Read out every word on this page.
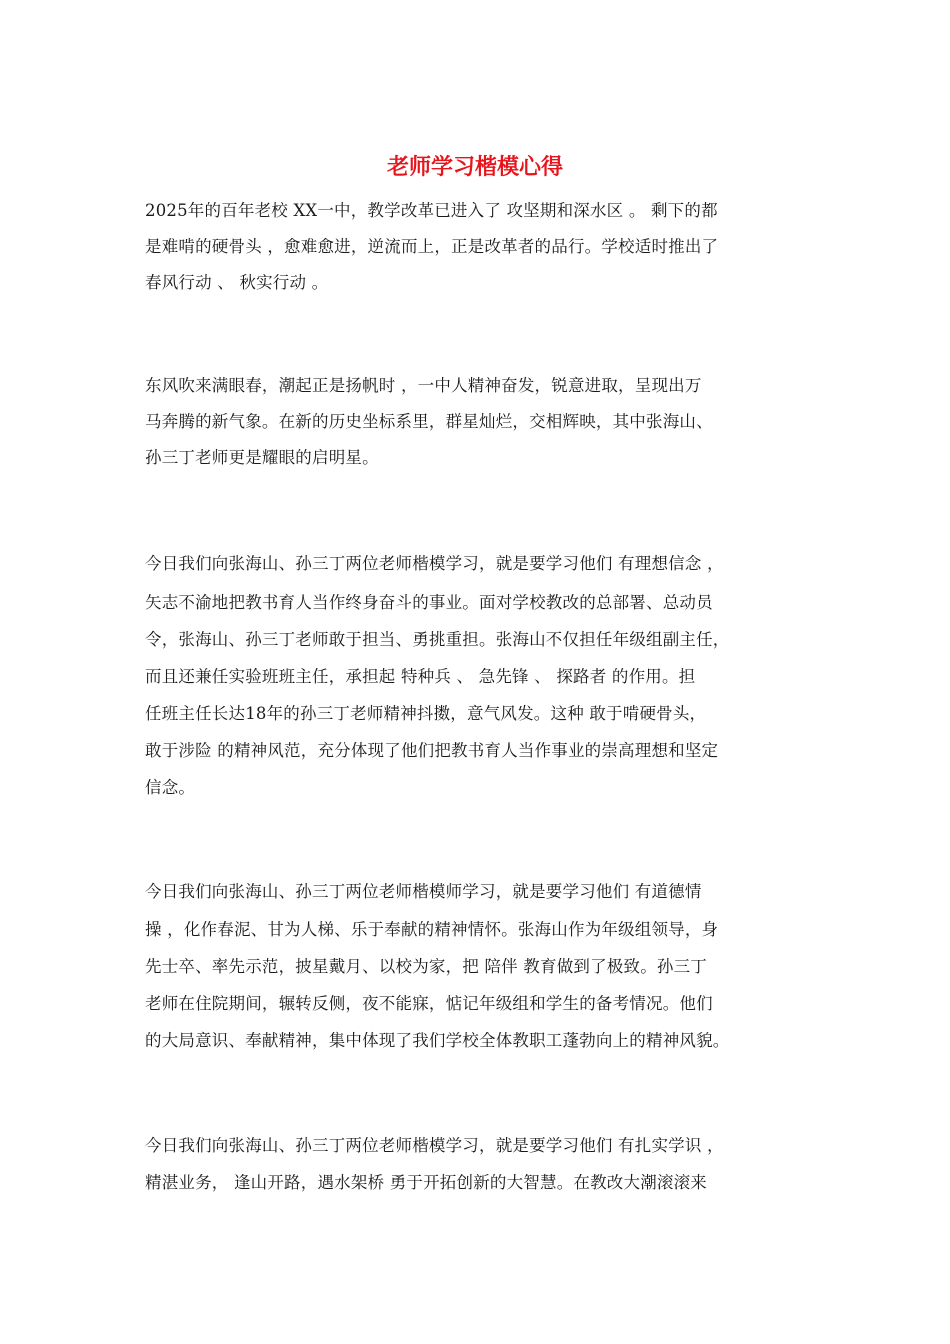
老师学习楷模心得
2025年的百年老校 XX一中，教学改革已进入了 攻坚期和深水区 。 剩下的都
是难啃的硬骨头 ，愈难愈进，逆流而上，正是改革者的品行。学校适时推出了
春风行动 、 秋实行动 。
东风吹来满眼春，潮起正是扬帆时 ，一中人精神奋发，锐意进取，呈现出万
马奔腾的新气象。在新的历史坐标系里，群星灿烂，交相辉映，其中张海山、
孙三丁老师更是耀眼的启明星。
今日我们向张海山、孙三丁两位老师楷模学习，就是要学习他们 有理想信念 ，
矢志不渝地把教书育人当作终身奋斗的事业。面对学校教改的总部署、总动员
令，张海山、孙三丁老师敢于担当、勇挑重担。张海山不仅担任年级组副主任，
而且还兼任实验班班主任，承担起 特种兵 、 急先锋 、 探路者 的作用。担
任班主任长达18年的孙三丁老师精神抖擞，意气风发。这种 敢于啃硬骨头，
敢于涉险 的精神风范，充分体现了他们把教书育人当作事业的崇高理想和坚定
信念。
今日我们向张海山、孙三丁两位老师楷模师学习，就是要学习他们 有道德情
操 ，化作春泥、甘为人梯、乐于奉献的精神情怀。张海山作为年级组领导，身
先士卒、率先示范，披星戴月、以校为家，把 陪伴 教育做到了极致。孙三丁
老师在住院期间，辗转反侧，夜不能寐，惦记年级组和学生的备考情况。他们
的大局意识、奉献精神，集中体现了我们学校全体教职工蓬勃向上的精神风貌。
今日我们向张海山、孙三丁两位老师楷模学习，就是要学习他们 有扎实学识 ，
精湛业务， 逢山开路，遇水架桥 勇于开拓创新的大智慧。在教改大潮滚滚来
